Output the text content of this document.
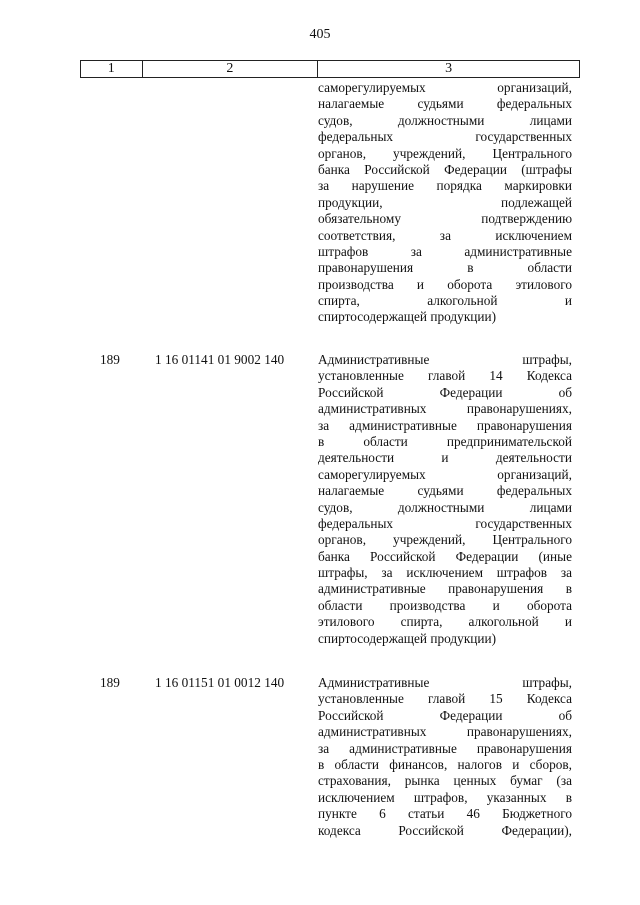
405
1	2	3
саморегулируемых организаций,
налагаемые судьями федеральных
судов, должностными лицами
федеральных государственных
органов, учреждений, Центрального
банка Российской Федерации (штрафы
за нарушение порядка маркировки
продукции, подлежащей
обязательному подтверждению
соответствия, за исключением
штрафов за административные
правонарушения в области
производства и оборота этилового
спирта, алкогольной и
спиртосодержащей продукции)
189	1 16 01141 01 9002 140	Административные штрафы,
установленные главой 14 Кодекса
Российской Федерации об
административных правонарушениях,
за административные правонарушения
в области предпринимательской
деятельности и деятельности
саморегулируемых организаций,
налагаемые судьями федеральных
судов, должностными лицами
федеральных государственных
органов, учреждений, Центрального
банка Российской Федерации (иные
штрафы, за исключением штрафов за
административные правонарушения в
области производства и оборота
этилового спирта, алкогольной и
спиртосодержащей продукции)
189	1 16 01151 01 0012 140	Административные штрафы,
установленные главой 15 Кодекса
Российской Федерации об
административных правонарушениях,
за административные правонарушения
в области финансов, налогов и сборов,
страхования, рынка ценных бумаг (за
исключением штрафов, указанных в
пункте 6 статьи 46 Бюджетного
кодекса Российской Федерации),
